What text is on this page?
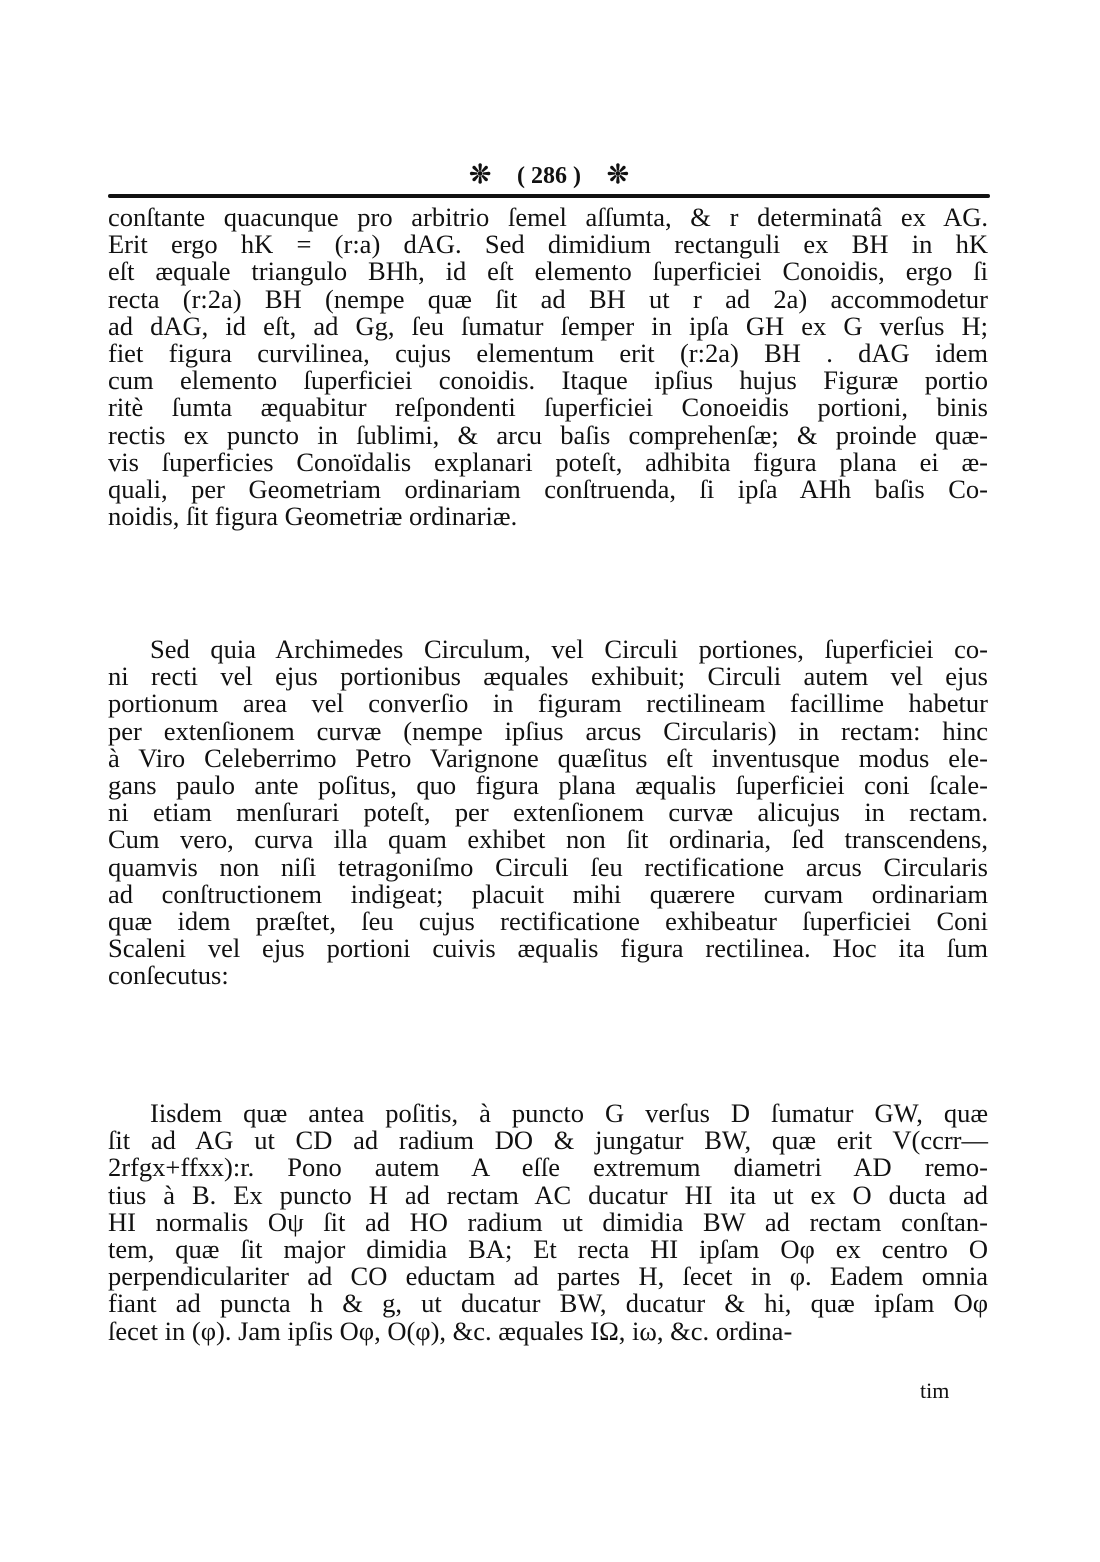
❊ ( 286 ) ❊
conſtante quacunque pro arbitrio ſemel aſſumta, & r determinatâ ex AG.
Erit ergo hK = (r:a) dAG. Sed dimidium rectanguli ex BH in hK
eſt æquale triangulo BHh, id eſt elemento ſuperficiei Conoidis, ergo ſi
recta (r:2a) BH (nempe quæ ſit ad BH ut r ad 2a) accommodetur
ad dAG, id eſt, ad Gg, ſeu ſumatur ſemper in ipſa GH ex G verſus H;
fiet figura curvilinea, cujus elementum erit (r:2a) BH . dAG idem
cum elemento ſuperficiei conoidis. Itaque ipſius hujus Figuræ portio
ritè ſumta æquabitur reſpondenti ſuperficiei Conoeidis portioni, binis
rectis ex puncto in ſublimi, & arcu baſis comprehenſæ; & proinde quæ-
vis ſuperficies Conoïdalis explanari poteſt, adhibita figura plana ei æ-
quali, per Geometriam ordinariam conſtruenda, ſi ipſa AHh baſis Co-
noidis, ſit figura Geometriæ ordinariæ.
Sed quia Archimedes Circulum, vel Circuli portiones, ſuperficiei co-
ni recti vel ejus portionibus æquales exhibuit; Circuli autem vel ejus
portionum area vel converſio in figuram rectilineam facillime habetur
per extenſionem curvæ (nempe ipſius arcus Circularis) in rectam: hinc
à Viro Celeberrimo Petro Varignone quæſitus eſt inventusque modus ele-
gans paulo ante poſitus, quo figura plana æqualis ſuperficiei coni ſcale-
ni etiam menſurari poteſt, per extenſionem curvæ alicujus in rectam.
Cum vero, curva illa quam exhibet non ſit ordinaria, ſed transcendens,
quamvis non niſi tetragoniſmo Circuli ſeu rectificatione arcus Circularis
ad conſtructionem indigeat; placuit mihi quærere curvam ordinariam
quæ idem præſtet, ſeu cujus rectificatione exhibeatur ſuperficiei Coni
Scaleni vel ejus portioni cuivis æqualis figura rectilinea. Hoc ita ſum
conſecutus:
Iisdem quæ antea poſitis, à puncto G verſus D ſumatur GW, quæ
ſit ad AG ut CD ad radium DO & jungatur BW, quæ erit V(ccrr—
2rfgx+ffxx):r. Pono autem A eſſe extremum diametri AD remo-
tius à B. Ex puncto H ad rectam AC ducatur HI ita ut ex O ducta ad
HI normalis Oψ ſit ad HO radium ut dimidia BW ad rectam conſtan-
tem, quæ ſit major dimidia BA; Et recta HI ipſam Oφ ex centro O
perpendiculariter ad CO eductam ad partes H, ſecet in φ. Eadem omnia
fiant ad puncta h & g, ut ducatur BW, ducatur & hi, quæ ipſam Oφ
ſecet in (φ). Jam ipſis Oφ, O(φ), &c. æquales IΩ, iω, &c. ordina-
tim
